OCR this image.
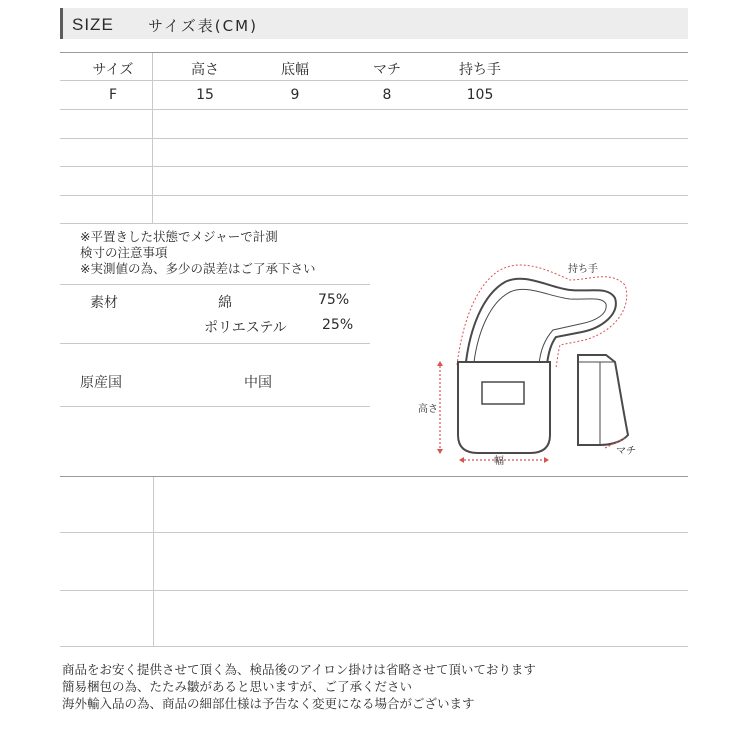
SIZE サイズ表(CM)
サイズ	高さ	底幅	マチ	持ち手
F	15	9	8	105
※平置きした状態でメジャーで計測
検寸の注意事項
※実測値の為、多少の誤差はご了承下さい
素材	綿	75%
ポリエステル	25%
原産国	中国
持ち手
高さ
幅
マチ
商品をお安く提供させて頂く為、検品後のアイロン掛けは省略させて頂いております
簡易梱包の為、たたみ皺があると思いますが、ご了承ください
海外輸入品の為、商品の細部仕様は予告なく変更になる場合がございます
